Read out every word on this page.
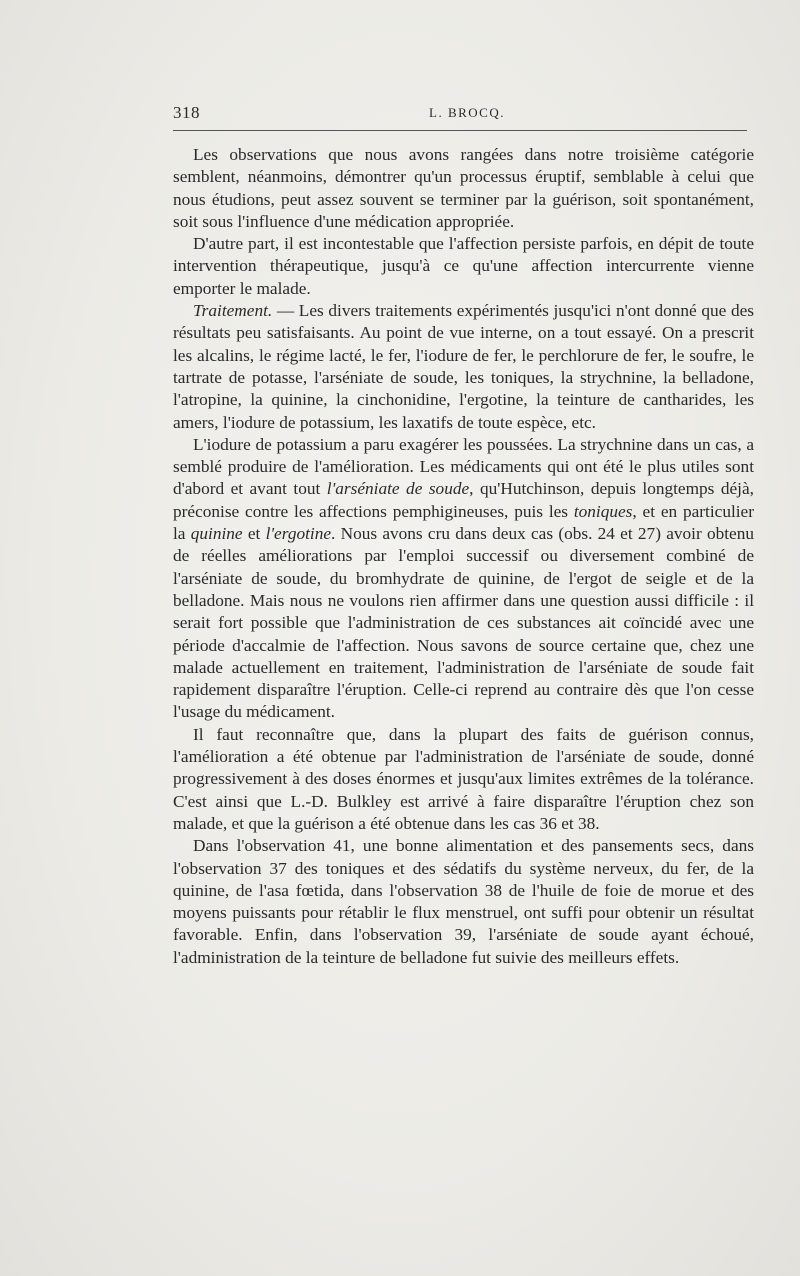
318	L. BROCQ.

Les observations que nous avons rangées dans notre troisième catégorie semblent, néanmoins, démontrer qu'un processus éruptif, semblable à celui que nous étudions, peut assez souvent se terminer par la guérison, soit spontanément, soit sous l'influence d'une médication appropriée.

D'autre part, il est incontestable que l'affection persiste parfois, en dépit de toute intervention thérapeutique, jusqu'à ce qu'une affection intercurrente vienne emporter le malade.

Traitement. — Les divers traitements expérimentés jusqu'ici n'ont donné que des résultats peu satisfaisants. Au point de vue interne, on a tout essayé. On a prescrit les alcalins, le régime lacté, le fer, l'iodure de fer, le perchlorure de fer, le soufre, le tartrate de potasse, l'arséniate de soude, les toniques, la strychnine, la belladone, l'atropine, la quinine, la cinchonidine, l'ergotine, la teinture de cantharides, les amers, l'iodure de potassium, les laxatifs de toute espèce, etc.

L'iodure de potassium a paru exagérer les poussées. La strychnine dans un cas, a semblé produire de l'amélioration. Les médicaments qui ont été le plus utiles sont d'abord et avant tout l'arséniate de soude, qu'Hutchinson, depuis longtemps déjà, préconise contre les affections pemphigineuses, puis les toniques, et en particulier la quinine et l'ergotine. Nous avons cru dans deux cas (obs. 24 et 27) avoir obtenu de réelles améliorations par l'emploi successif ou diversement combiné de l'arséniate de soude, du bromhydrate de quinine, de l'ergot de seigle et de la belladone. Mais nous ne voulons rien affirmer dans une question aussi difficile : il serait fort possible que l'administration de ces substances ait coïncidé avec une période d'accalmie de l'affection. Nous savons de source certaine que, chez une malade actuellement en traitement, l'administration de l'arséniate de soude fait rapidement disparaître l'éruption. Celle-ci reprend au contraire dès que l'on cesse l'usage du médicament.

Il faut reconnaître que, dans la plupart des faits de guérison connus, l'amélioration a été obtenue par l'administration de l'arséniate de soude, donné progressivement à des doses énormes et jusqu'aux limites extrêmes de la tolérance. C'est ainsi que L.-D. Bulkley est arrivé à faire disparaître l'éruption chez son malade, et que la guérison a été obtenue dans les cas 36 et 38.

Dans l'observation 41, une bonne alimentation et des pansements secs, dans l'observation 37 des toniques et des sédatifs du système nerveux, du fer, de la quinine, de l'asa fœtida, dans l'observation 38 de l'huile de foie de morue et des moyens puissants pour rétablir le flux menstruel, ont suffi pour obtenir un résultat favorable. Enfin, dans l'observation 39, l'arséniate de soude ayant échoué, l'administration de la teinture de belladone fut suivie des meilleurs effets.
